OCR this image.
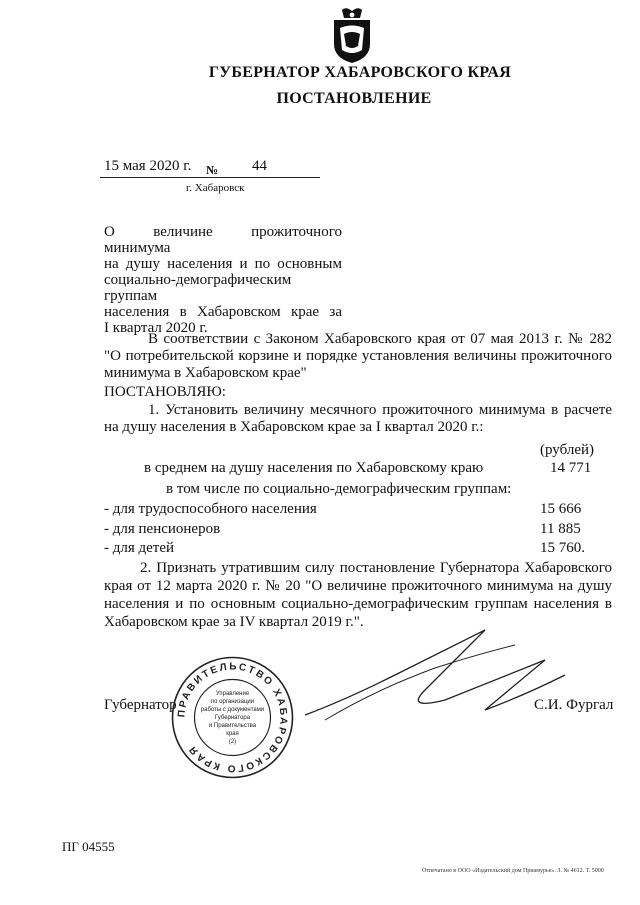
ГУБЕРНАТОР ХАБАРОВСКОГО КРАЯ
ПОСТАНОВЛЕНИЕ
15 мая 2020 г. № 44
г. Хабаровск
О величине прожиточного минимума
на душу населения и по основным
социально-демографическим группам
населения в Хабаровском крае за
I квартал 2020 г.
В соответствии с Законом Хабаровского края от 07 мая 2013 г. № 282
"О потребительской корзине и порядке установления величины прожиточного
минимума в Хабаровском крае"
ПОСТАНОВЛЯЮ:
1. Установить величину месячного прожиточного минимума в расчете
на душу населения в Хабаровском крае за I квартал 2020 г.:
(рублей)
в среднем на душу населения по Хабаровскому краю	14 771
в том числе по социально-демографическим группам:
- для трудоспособного населения	15 666
- для пенсионеров	11 885
- для детей	15 760.
2. Признать утратившим силу постановление Губернатора Хабаровского
края от 12 марта 2020 г. № 20 "О величине прожиточного минимума на душу
населения и по основным социально-демографическим группам населения в
Хабаровском крае за IV квартал 2019 г.".
Губернатор	С.И. Фургал
ПРАВИТЕЛЬСТВО ХАБАРОВСКОГО КРАЯ
Управление
по организации
работы с документами
Губернатора
и Правительства
края
(2)
ПГ 04555
Отпечатано в ООО «Издательский дом Приамурье». З. № 4612. Т. 5000
